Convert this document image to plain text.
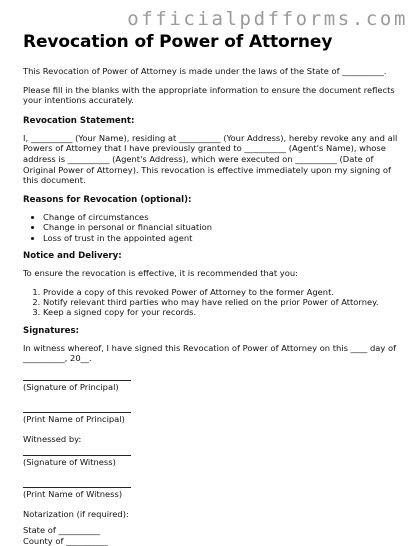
officialpdfforms.com
Revocation of Power of Attorney

This Revocation of Power of Attorney is made under the laws of the State of __________.

Please fill in the blanks with the appropriate information to ensure the document reflects your intentions accurately.

Revocation Statement:

I, __________ (Your Name), residing at __________ (Your Address), hereby revoke any and all Powers of Attorney that I have previously granted to __________ (Agent's Name), whose address is __________ (Agent's Address), which were executed on __________ (Date of Original Power of Attorney). This revocation is effective immediately upon my signing of this document.

Reasons for Revocation (optional):
• Change of circumstances
• Change in personal or financial situation
• Loss of trust in the appointed agent
Notice and Delivery:

To ensure the revocation is effective, it is recommended that you:

1. Provide a copy of this revoked Power of Attorney to the former Agent.
2. Notify relevant third parties who may have relied on the prior Power of Attorney.
3. Keep a signed copy for your records.
Signatures:

In witness whereof, I have signed this Revocation of Power of Attorney on this ____ day of __________, 20__.

(Signature of Principal)
(Print Name of Principal)

Witnessed by:

(Signature of Witness)
(Print Name of Witness)

Notarization (if required):

State of __________

County of __________
